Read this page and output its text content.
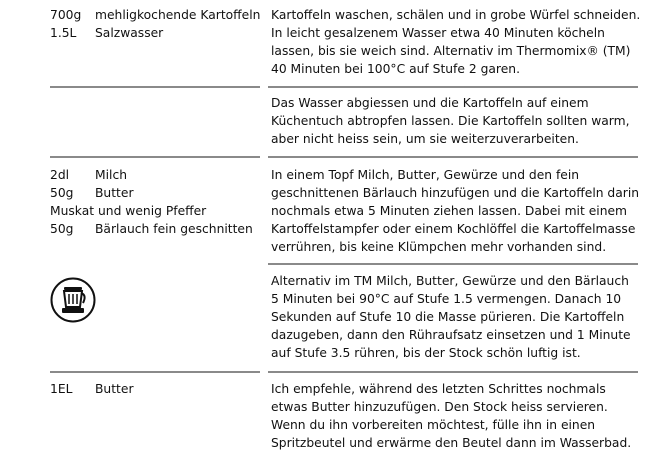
700g mehligkochende Kartoffeln
1.5L Salzwasser
Kartoffeln waschen, schälen und in grobe Würfel schneiden.
In leicht gesalzenem Wasser etwa 40 Minuten köcheln
lassen, bis sie weich sind. Alternativ im Thermomix® (TM)
40 Minuten bei 100°C auf Stufe 2 garen.
Das Wasser abgiessen und die Kartoffeln auf einem
Küchentuch abtropfen lassen. Die Kartoffeln sollten warm,
aber nicht heiss sein, um sie weiterzuverarbeiten.
2dl Milch
50g Butter
Muskat und wenig Pfeffer
50g Bärlauch fein geschnitten
In einem Topf Milch, Butter, Gewürze und den fein
geschnittenen Bärlauch hinzufügen und die Kartoffeln darin
nochmals etwa 5 Minuten ziehen lassen. Dabei mit einem
Kartoffelstampfer oder einem Kochlöffel die Kartoffelmasse
verrühren, bis keine Klümpchen mehr vorhanden sind.
Alternativ im TM Milch, Butter, Gewürze und den Bärlauch
5 Minuten bei 90°C auf Stufe 1.5 vermengen. Danach 10
Sekunden auf Stufe 10 die Masse pürieren. Die Kartoffeln
dazugeben, dann den Rühraufsatz einsetzen und 1 Minute
auf Stufe 3.5 rühren, bis der Stock schön luftig ist.
1EL Butter	Ich empfehle, während des letzten Schrittes nochmals
etwas Butter hinzuzufügen. Den Stock heiss servieren.
Wenn du ihn vorbereiten möchtest, fülle ihn in einen
Spritzbeutel und erwärme den Beutel dann im Wasserbad.
